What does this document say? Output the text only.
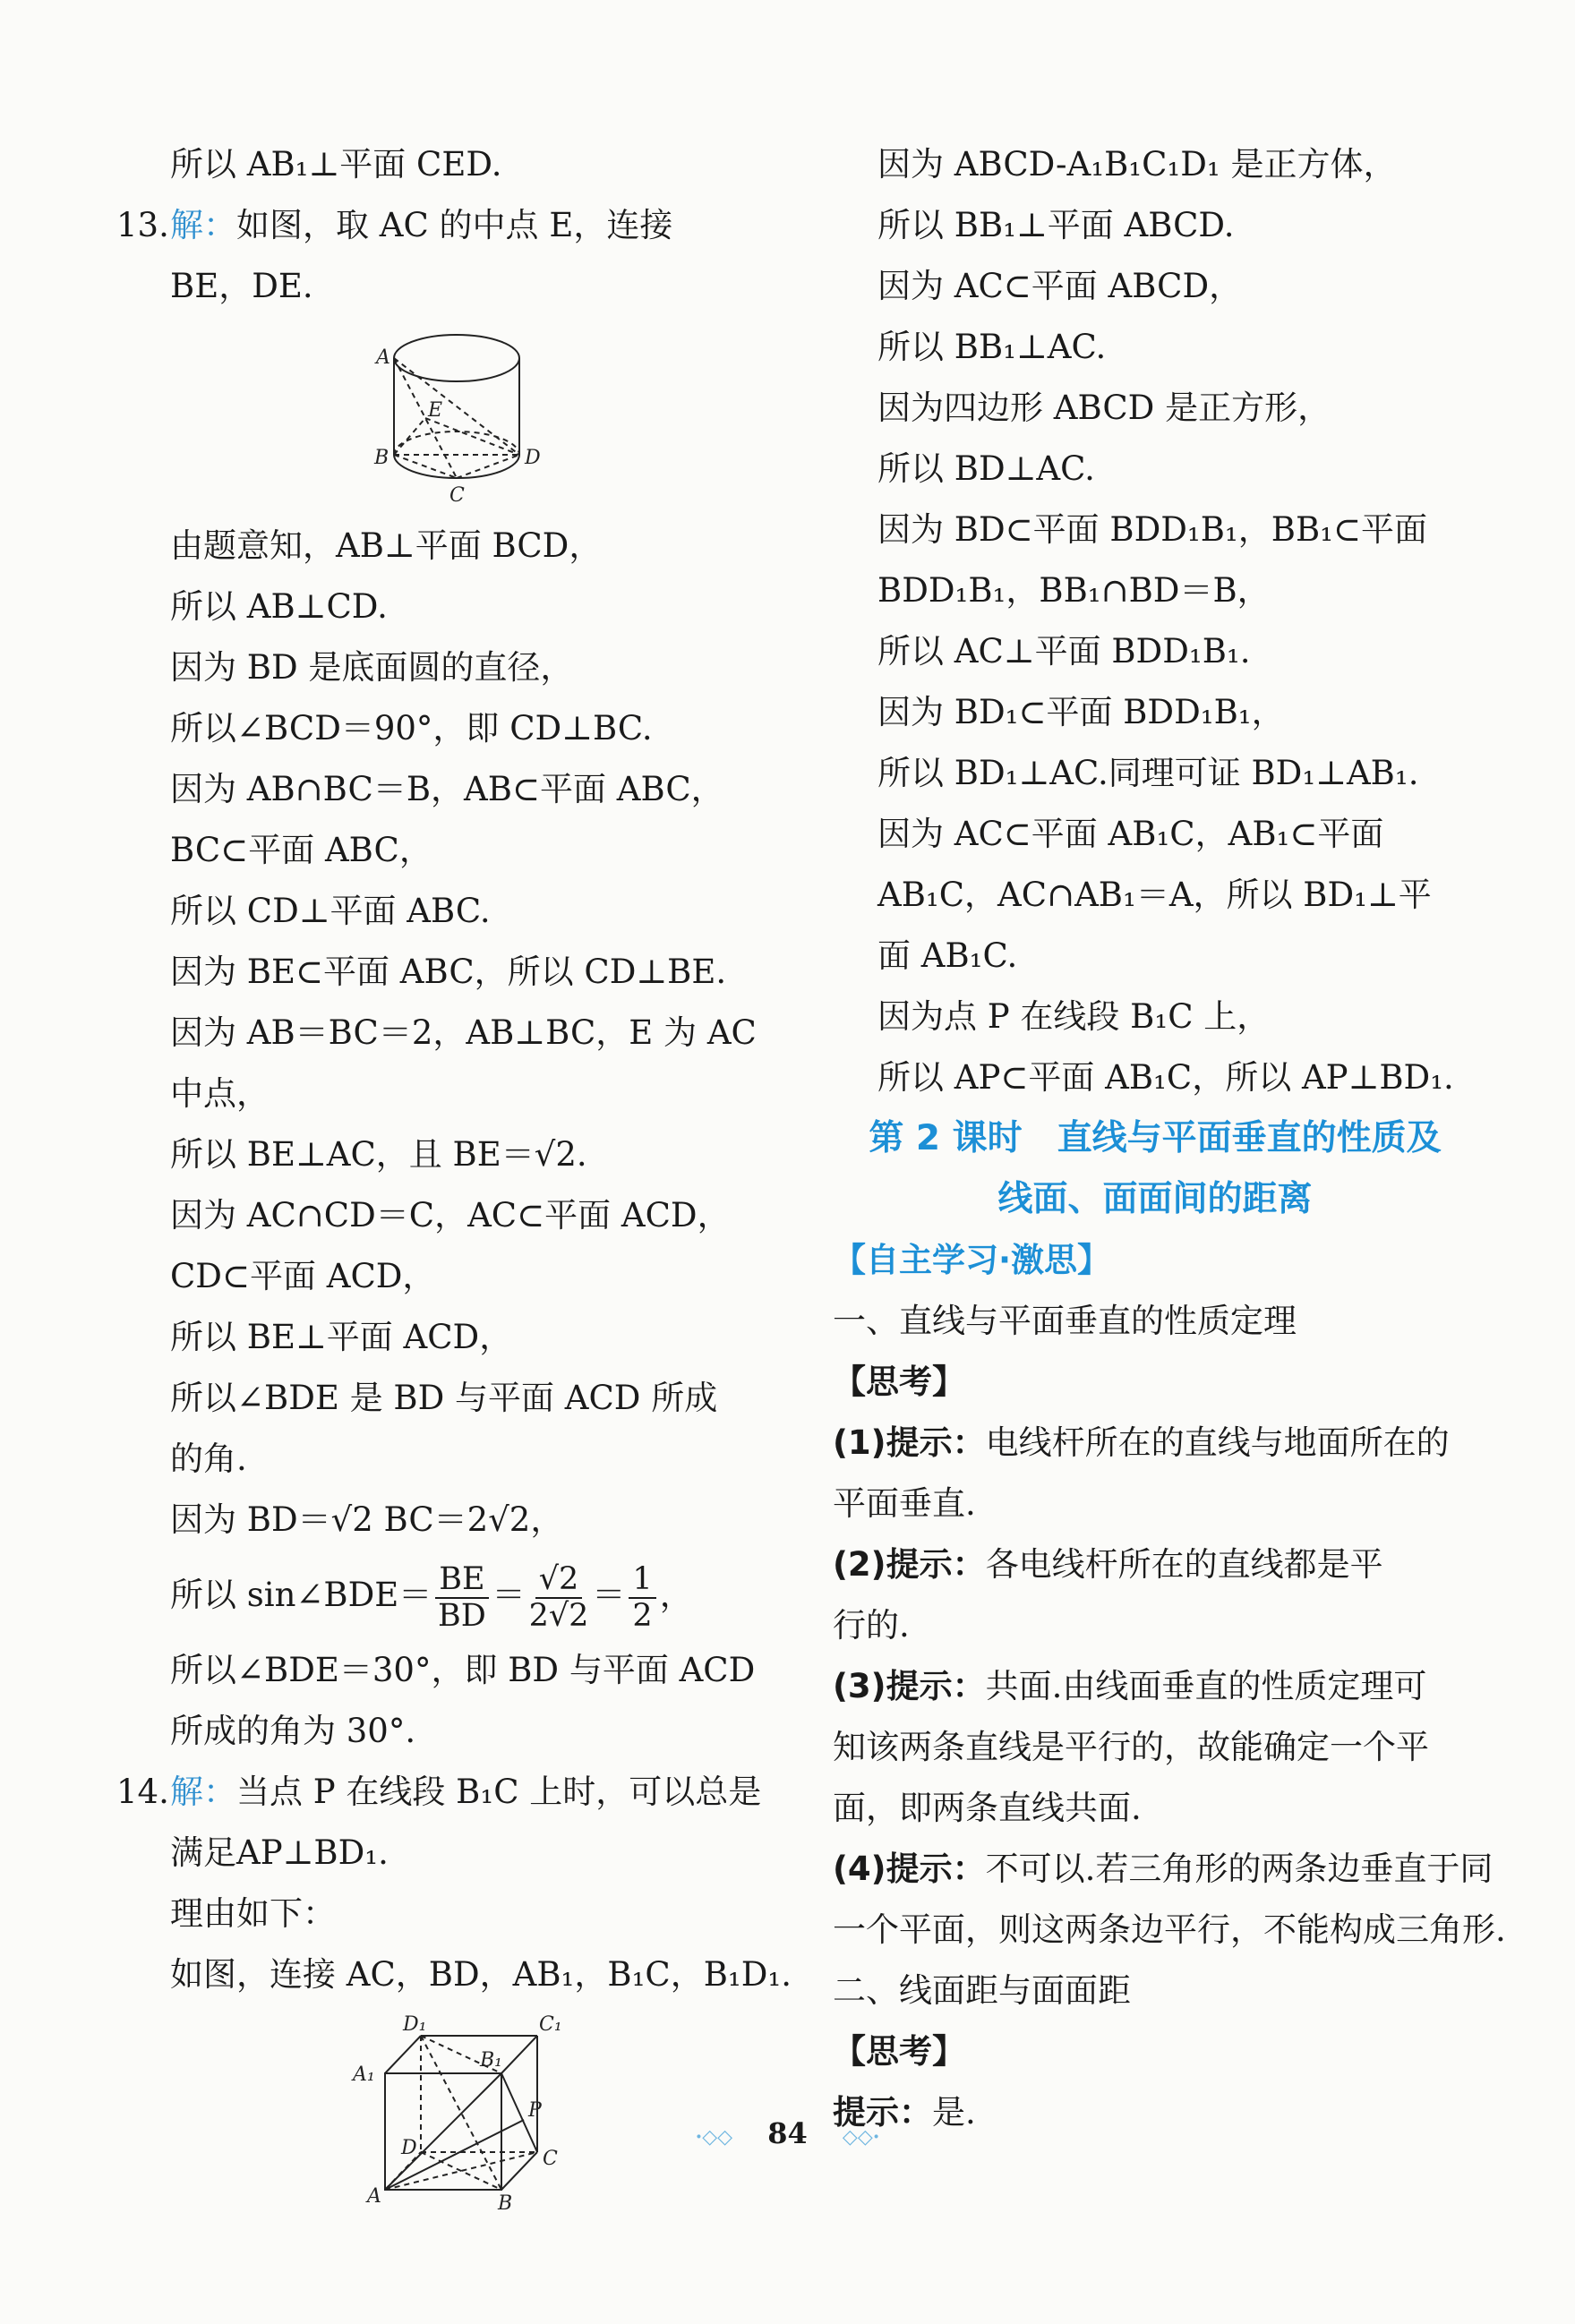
所以 AB₁⊥平面 CED.
13.解：如图，取 AC 的中点 E，连接
BE，DE.
A
E
B	D
C
由题意知，AB⊥平面 BCD，
所以 AB⊥CD.
因为 BD 是底面圆的直径，
所以∠BCD＝90°，即 CD⊥BC.
因为 AB∩BC＝B，AB⊂平面 ABC，
BC⊂平面 ABC，
所以 CD⊥平面 ABC.
因为 BE⊂平面 ABC，所以 CD⊥BE.
因为 AB＝BC＝2，AB⊥BC，E 为 AC
中点，
所以 BE⊥AC，且 BE＝√2.
因为 AC∩CD＝C，AC⊂平面 ACD，
CD⊂平面 ACD，
所以 BE⊥平面 ACD，
所以∠BDE 是 BD 与平面 ACD 所成
的角.
因为 BD＝√2 BC＝2√2，
所以 sin∠BDE＝ $\frac{BE}{BD} = \frac{√2}{2√2} = \frac{1}{2}$ ，
所以∠BDE＝30°，即 BD 与平面 ACD
所成的角为 30°.
14.解：当点 P 在线段 B₁C 上时，可以总是
满足AP⊥BD₁.
理由如下：
如图，连接 AC，BD，AB₁，B₁C，B₁D₁.
D₁	C₁
A₁
B₁
P
D	C
A	B
因为 ABCD-A₁B₁C₁D₁ 是正方体，
所以 BB₁⊥平面 ABCD.
因为 AC⊂平面 ABCD，
所以 BB₁⊥AC.
因为四边形 ABCD 是正方形，
所以 BD⊥AC.
因为 BD⊂平面 BDD₁B₁，BB₁⊂平面
BDD₁B₁，BB₁∩BD＝B，
所以 AC⊥平面 BDD₁B₁.
因为 BD₁⊂平面 BDD₁B₁，
所以 BD₁⊥AC.同理可证 BD₁⊥AB₁.
因为 AC⊂平面 AB₁C，AB₁⊂平面
AB₁C，AC∩AB₁＝A，所以 BD₁⊥平
面 AB₁C.
因为点 P 在线段 B₁C 上，
所以 AP⊂平面 AB₁C，所以 AP⊥BD₁.
第 2 课时　直线与平面垂直的性质及
线面、面面间的距离
【自主学习·激思】
一、直线与平面垂直的性质定理
【思考】
(1)提示：电线杆所在的直线与地面所在的
平面垂直.
(2)提示：各电线杆所在的直线都是平
行的.
(3)提示：共面.由线面垂直的性质定理可
知该两条直线是平行的，故能确定一个平
面，即两条直线共面.
(4)提示：不可以.若三角形的两条边垂直于同
一个平面，则这两条边平行，不能构成三角形.
二、线面距与面面距
【思考】
提示：是.
·◇◇ 84 ◇◇·
